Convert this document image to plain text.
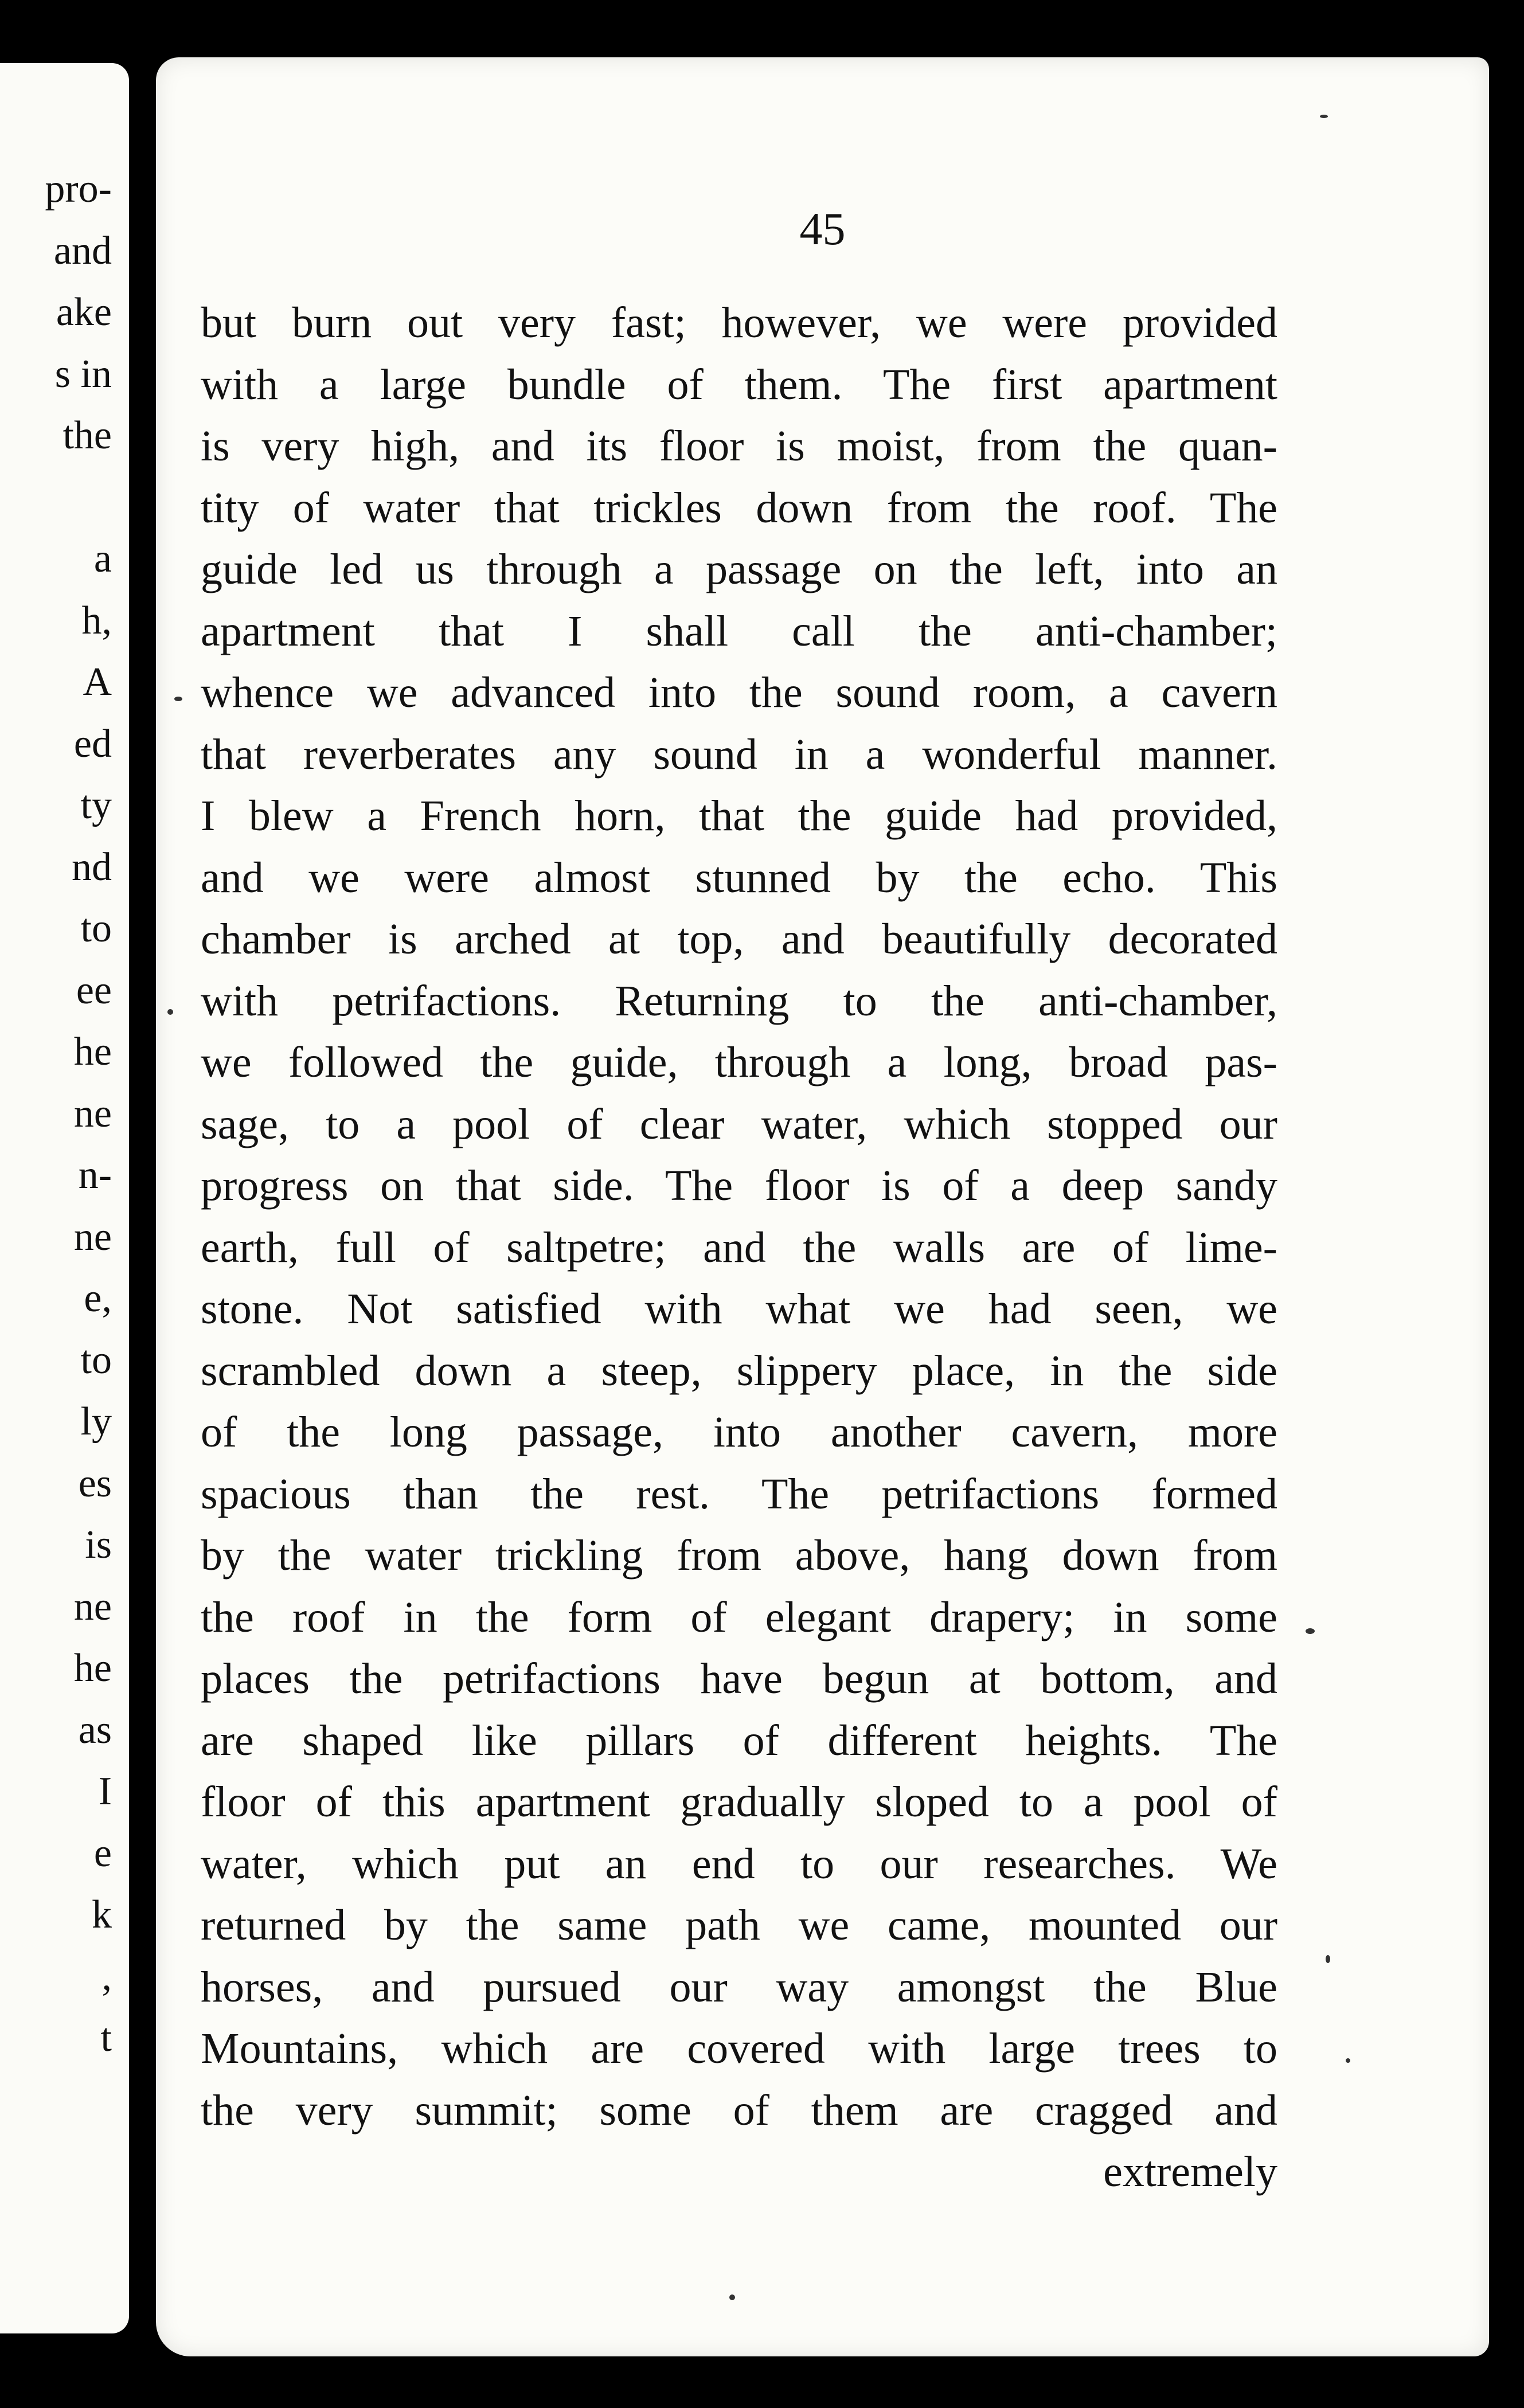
pro-
and
ake
s in
the
a
h,
A
ed
ty
nd
to
ee
he
ne
n-
ne
e,
to
ly
es
is
ne
he
as
I
e
k
,
t
45
but burn out very fast; however, we were provided
with a large bundle of them. The first apartment
is very high, and its floor is moist, from the quan-
tity of water that trickles down from the roof. The
guide led us through a passage on the left, into an
apartment that I shall call the anti-chamber;
whence we advanced into the sound room, a cavern
that reverberates any sound in a wonderful manner.
I blew a French horn, that the guide had provided,
and we were almost stunned by the echo. This
chamber is arched at top, and beautifully decorated
with petrifactions. Returning to the anti-chamber,
we followed the guide, through a long, broad pas-
sage, to a pool of clear water, which stopped our
progress on that side. The floor is of a deep sandy
earth, full of saltpetre; and the walls are of lime-
stone. Not satisfied with what we had seen, we
scrambled down a steep, slippery place, in the side
of the long passage, into another cavern, more
spacious than the rest. The petrifactions formed
by the water trickling from above, hang down from
the roof in the form of elegant drapery; in some
places the petrifactions have begun at bottom, and
are shaped like pillars of different heights. The
floor of this apartment gradually sloped to a pool of
water, which put an end to our researches. We
returned by the same path we came, mounted our
horses, and pursued our way amongst the Blue
Mountains, which are covered with large trees to
the very summit; some of them are cragged and
extremely
